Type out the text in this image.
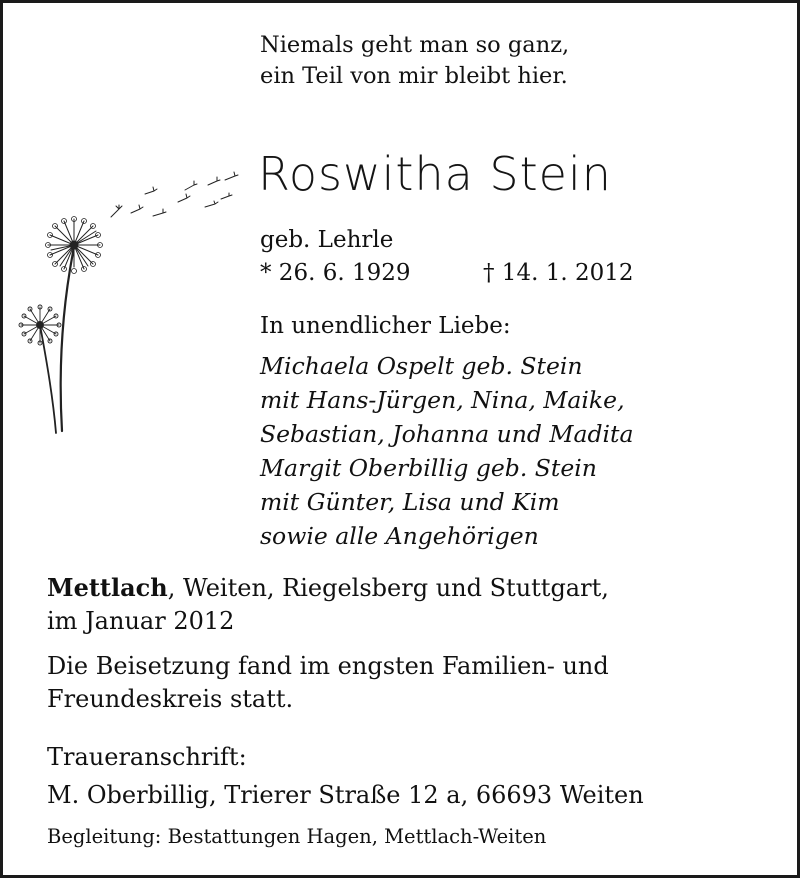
Niemals geht man so ganz,
ein Teil von mir bleibt hier.
Roswitha Stein
geb. Lehrle
* 26. 6. 1929	† 14. 1. 2012
In unendlicher Liebe:
Michaela Ospelt geb. Stein
mit Hans-Jürgen, Nina, Maike,
Sebastian, Johanna und Madita
Margit Oberbillig geb. Stein
mit Günter, Lisa und Kim
sowie alle Angehörigen
Mettlach, Weiten, Riegelsberg und Stuttgart,
im Januar 2012
Die Beisetzung fand im engsten Familien- und
Freundeskreis statt.
Traueranschrift:
M. Oberbillig, Trierer Straße 12 a, 66693 Weiten
Begleitung: Bestattungen Hagen, Mettlach-Weiten
